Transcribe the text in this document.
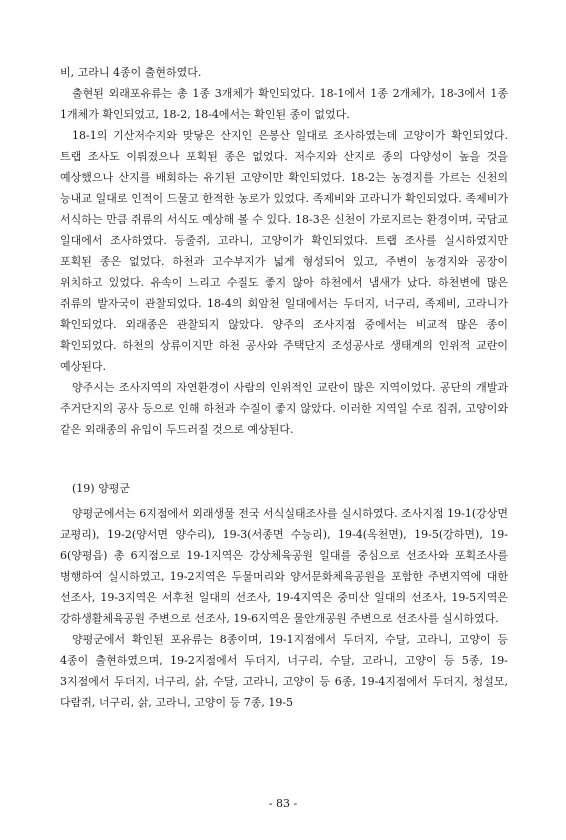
비, 고라니 4종이 출현하였다.

출현된 외래포유류는 총 1종 3개체가 확인되었다. 18-1에서 1종 2개체가, 18-3에서 1종 1개체가 확인되었고, 18-2, 18-4에서는 확인된 종이 없었다.

18-1의 기산저수지와 맞닿은 산지인 은봉산 일대로 조사하였는데 고양이가 확인되었다. 트랩 조사도 이뤄졌으나 포획된 종은 없었다. 저수지와 산지로 종의 다양성이 높을 것을 예상했으나 산지를 배회하는 유기된 고양이만 확인되었다. 18-2는 농경지를 가르는 신천의 능내교 일대로 인적이 드물고 한적한 농로가 있었다. 족제비와 고라니가 확인되었다. 족제비가 서식하는 만큼 쥐류의 서식도 예상해 볼 수 있다. 18-3은 신천이 가로지르는 환경이며, 국담교 일대에서 조사하였다. 등줄쥐, 고라니, 고양이가 확인되었다. 트랩 조사를 실시하였지만 포획된 종은 없었다. 하천과 고수부지가 넓게 형성되어 있고, 주변이 농경지와 공장이 위치하고 있었다. 유속이 느리고 수질도 좋지 않아 하천에서 냄새가 났다. 하천변에 많은 쥐류의 발자국이 관찰되었다. 18-4의 회암천 일대에서는 두더지, 너구리, 족제비, 고라니가 확인되었다. 외래종은 관찰되지 않았다. 양주의 조사지점 중에서는 비교적 많은 종이 확인되었다. 하천의 상류이지만 하천 공사와 주택단지 조성공사로 생태계의 인위적 교란이 예상된다.

양주시는 조사지역의 자연환경이 사람의 인위적인 교란이 많은 지역이었다. 공단의 개발과 주거단지의 공사 등으로 인해 하천과 수질이 좋지 않았다. 이러한 지역일 수로 집쥐, 고양이와 같은 외래종의 유입이 두드러질 것으로 예상된다.

(19) 양평군

양평군에서는 6지점에서 외래생물 전국 서식실태조사를 실시하였다. 조사지점 19-1(강상면 교평리), 19-2(양서면 양수리), 19-3(서종면 수능리), 19-4(옥천면), 19-5(강하면), 19-6(양평읍) 총 6지점으로 19-1지역은 강상체육공원 일대를 중심으로 선조사와 포획조사를 병행하여 실시하였고, 19-2지역은 두물머리와 양서문화체육공원을 포함한 주변지역에 대한 선조사, 19-3지역은 서후천 일대의 선조사, 19-4지역은 중미산 일대의 선조사, 19-5지역은 강하생활체육공원 주변으로 선조사, 19-6지역은 물안개공원 주변으로 선조사를 실시하였다.

양평군에서 확인된 포유류는 8종이며, 19-1지점에서 두더지, 수달, 고라니, 고양이 등 4종이 출현하였으며, 19-2지점에서 두더지, 너구리, 수달, 고라니, 고양이 등 5종, 19-3지점에서 두더지, 너구리, 삵, 수달, 고라니, 고양이 등 6종, 19-4지점에서 두더지, 청설모, 다람쥐, 너구리, 삵, 고라니, 고양이 등 7종, 19-5

- 83 -
